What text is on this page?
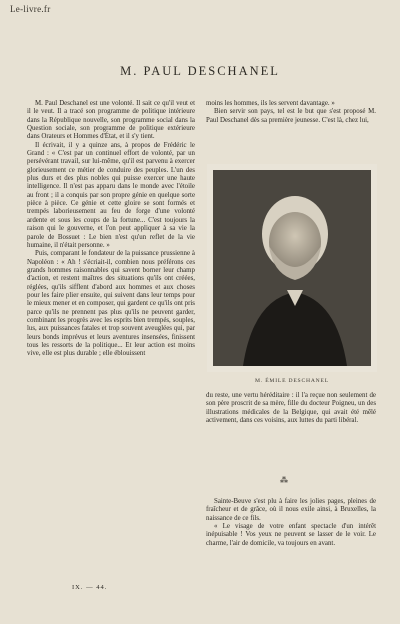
Le-livre.fr
M. PAUL DESCHANEL

M. Paul Deschanel est une volonté. Il sait ce qu'il veut et il le veut. Il a tracé son programme de politique intérieure dans la République nouvelle, son programme social dans la Question sociale, son programme de politique extérieure dans Orateurs et Hommes d'État, et il s'y tient.

Il écrivait, il y a quinze ans, à propos de Frédéric le Grand : « C'est par un continuel effort de volonté, par un persévérant travail, sur lui-même, qu'il est parvenu à exercer glorieusement ce métier de conduire des peuples. L'un des plus durs et des plus nobles qui puisse exercer une haute intelligence. Il n'est pas apparu dans le monde avec l'étoile au front ; il a conquis par son propre génie en quelque sorte pièce à pièce. Ce génie et cette gloire se sont formés et trempés laborieusement au feu de forge d'une volonté ardente et sous les coups de la fortune... C'est toujours la raison qui le gouverne, et l'on peut appliquer à sa vie la parole de Bossuet : Le bien n'est qu'un reflet de la vie humaine, il n'était personne. »

Puis, comparant le fondateur de la puissance prussienne à Napoléon : « Ah ! s'écriait-il, combien nous préférons ces grands hommes raisonnables qui savent borner leur champ d'action, et restent maîtres des situations qu'ils ont créées, réglées, qu'ils sifflent d'abord aux hommes et aux choses pour les faire plier ensuite, qui suivent dans leur temps pour le mieux mener et en composer, qui gardent ce qu'ils ont pris parce qu'ils ne prennent pas plus qu'ils ne peuvent garder, combinant les progrès avec les esprits bien trempés, souples, lus, aux puissances fatales et trop souvent aveuglées qui, par leurs bonds imprévus et leurs aventures insensées, finissent tous les ressorts de la politique... Et leur action est moins vive, elle est plus durable ; elle éblouissent

moins les hommes, ils les servent davantage. »

Bien servir son pays, tel est le but que s'est proposé M. Paul Deschanel dès sa première jeunesse. C'est là, chez lui,

M. ÉMILE DESCHANEL

du reste, une vertu héréditaire : il l'a reçue non seulement de son père proscrit de sa mère, fille du docteur Poigneu, un des illustrations médicales de la Belgique, qui avait été mêlé activement, dans ces voisins, aux luttes du parti libéral.

⁂

Sainte-Beuve s'est plu à faire les jolies pages, pleines de fraîcheur et de grâce, où il nous exile ainsi, à Bruxelles, la naissance de ce fils.

« Le visage de votre enfant spectacle d'un intérêt inépuisable ! Vos yeux ne peuvent se lasser de le voir. Le charme, l'air de domicile, va toujours en avant.

IX. — 44.
